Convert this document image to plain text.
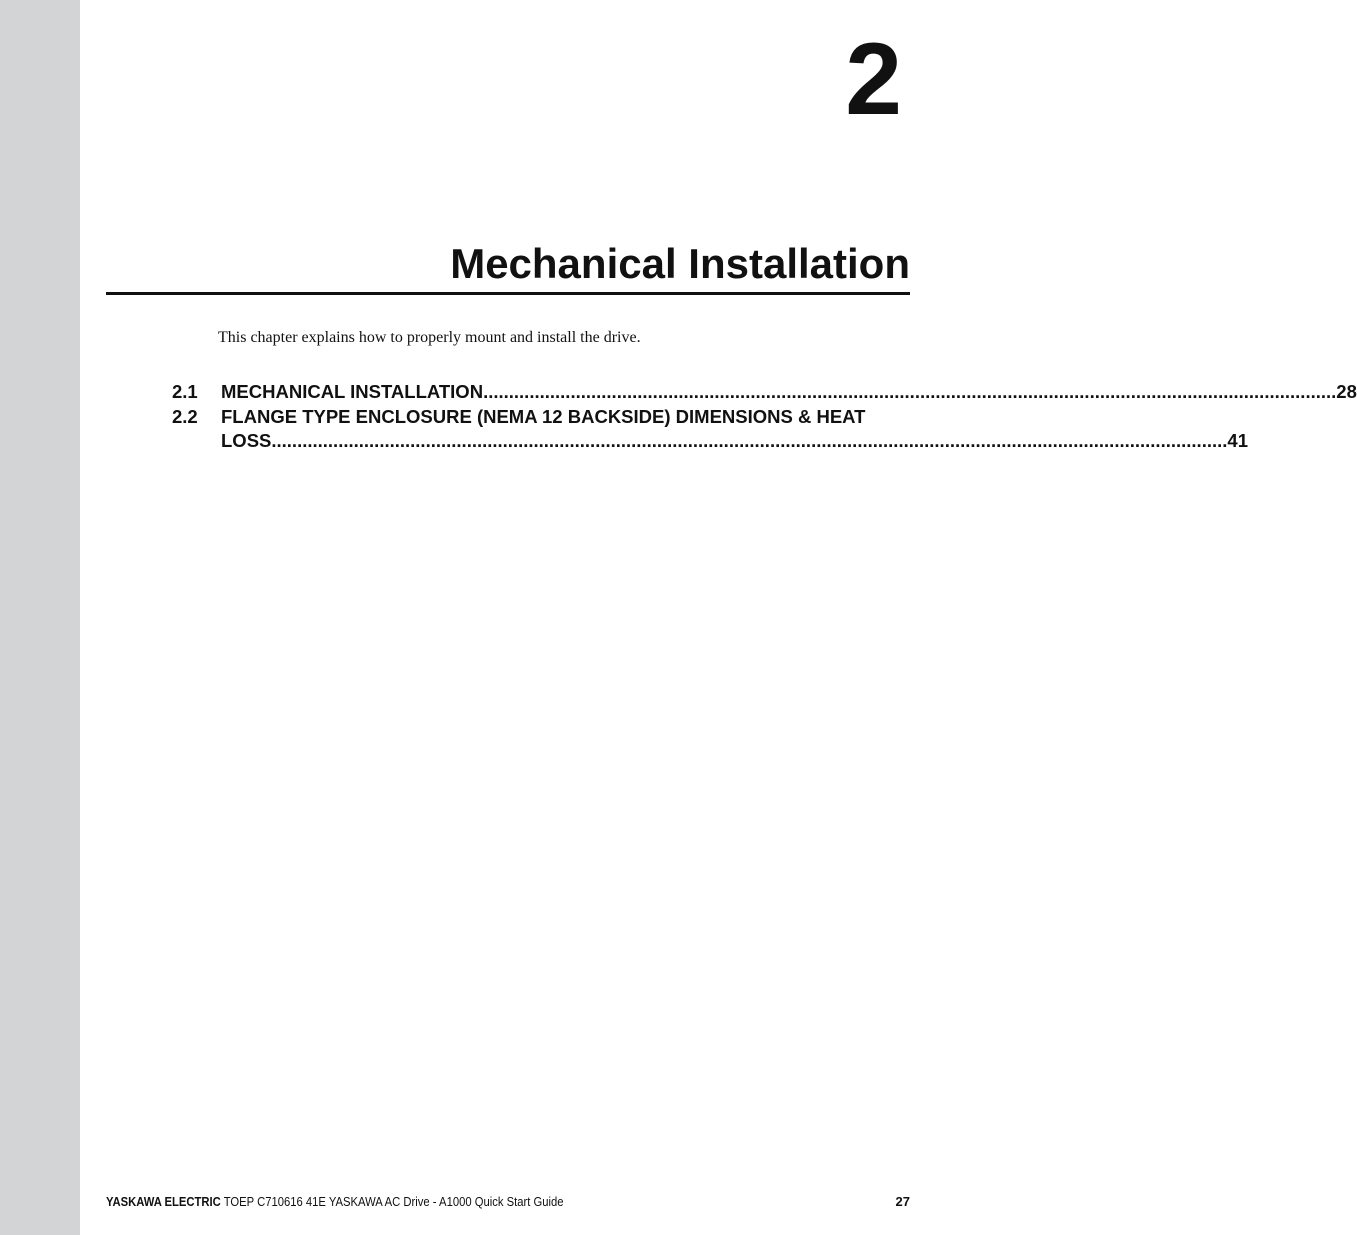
2
Mechanical Installation
This chapter explains how to properly mount and install the drive.
2.1	MECHANICAL INSTALLATION ...................................................................................................................................................................... 28
2.2	FLANGE TYPE ENCLOSURE (NEMA 12 BACKSIDE) DIMENSIONS & HEAT
LOSS .......................................................................................................................................................................................... 41
YASKAWA ELECTRIC TOEP C710616 41E YASKAWA AC Drive - A1000 Quick Start Guide	27
